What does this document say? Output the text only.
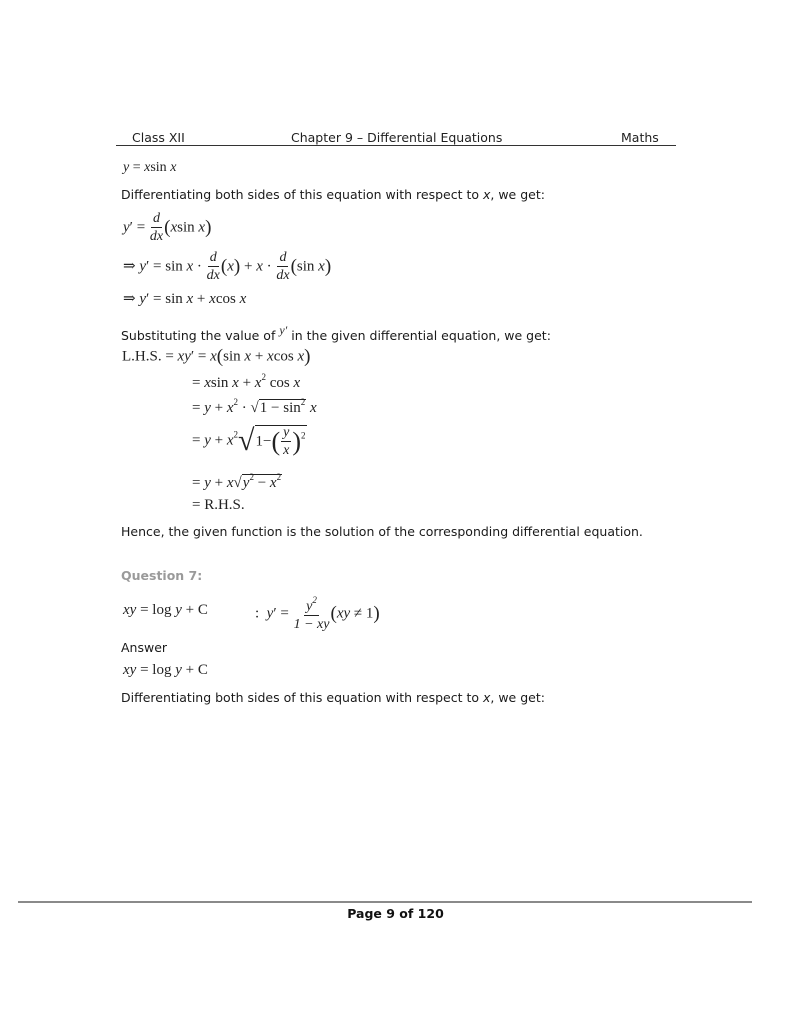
Class XII	Chapter 9 – Differential Equations	Maths
y = xsin x
Differentiating both sides of this equation with respect to x, we get:
$y' = \frac{d}{dx} (xsin$ x)
⇒ $y' = \sin x \cdot \frac{d}{dx} (x) + x \cdot \frac{d}{dx} (\sin$ x)
⇒ y′ = sin x + xcos x
Substituting the value of y′ in the given differential equation, we get:
L.H.S. = xy′ = x(sin x + xcos x)
= xsin $x + x^2$ cos x
= $y + x^2 \cdot √1 - \sin^2 x$
= $y + x^2√1-( \frac{y}{x} )^2$
= $y + x√y^2 - x^2$
= R.H.S.
Hence, the given function is the solution of the corresponding differential equation.
Question 7:
xy = log y + C	:  $y' = \frac{y^2}{1 - xy} (xy \ne 1)$
Answer
xy = log y + C
Differentiating both sides of this equation with respect to x, we get:
Page 9 of 120
